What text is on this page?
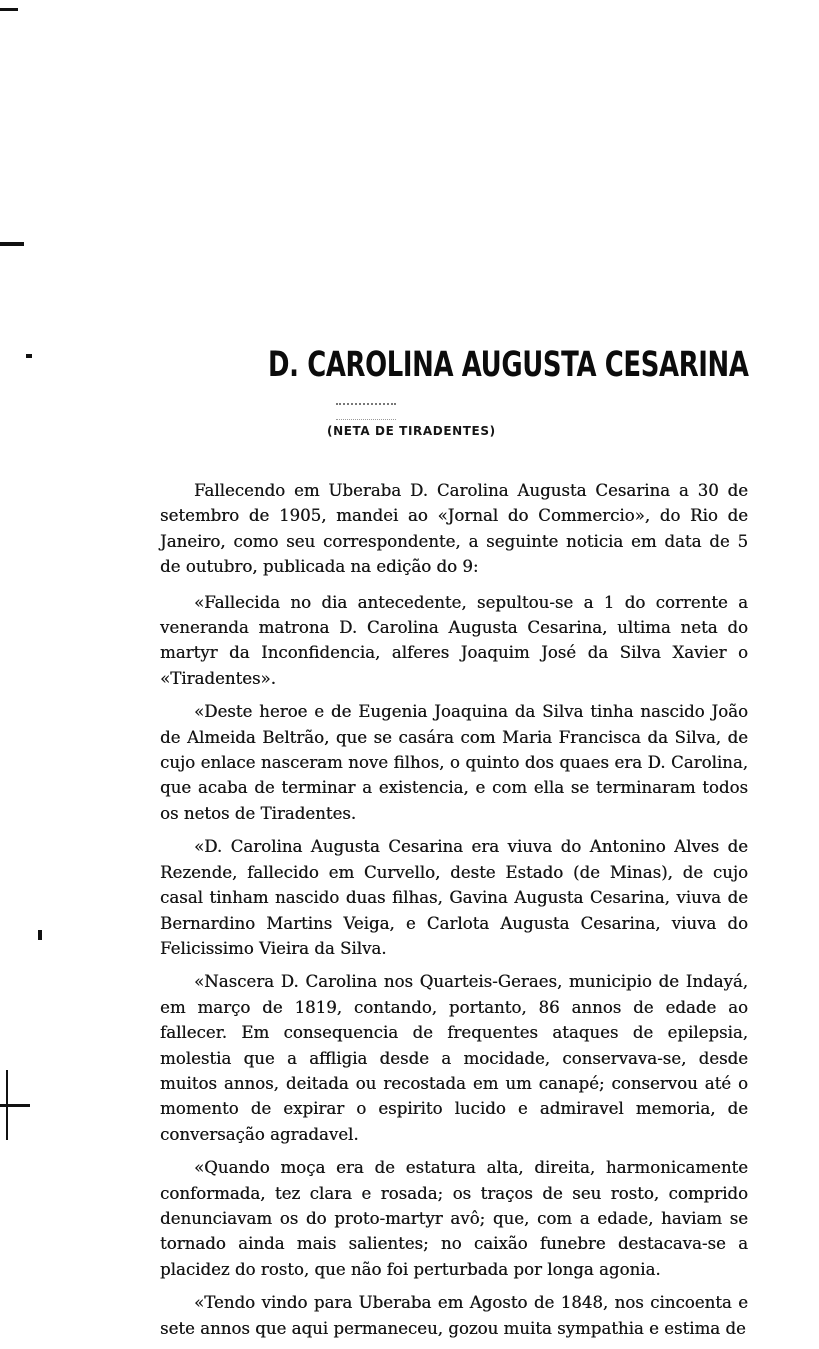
D. CAROLINA AUGUSTA CESARINA
(NETA DE TIRADENTES)

Fallecendo em Uberaba D. Carolina Augusta Cesarina a 30 de setembro de 1905, mandei ao «Jornal do Commercio», do Rio de Janeiro, como seu correspondente, a seguinte noticia em data de 5 de outubro, publicada na edição do 9:

«Fallecida no dia antecedente, sepultou-se a 1 do corrente a veneranda matrona D. Carolina Augusta Cesarina, ultima neta do martyr da Inconfidencia, alferes Joaquim José da Silva Xavier o «Tiradentes».

«Deste heroe e de Eugenia Joaquina da Silva tinha nascido João de Almeida Beltrão, que se casára com Maria Francisca da Silva, de cujo enlace nasceram nove filhos, o quinto dos quaes era D. Carolina, que acaba de terminar a existencia, e com ella se terminaram todos os netos de Tiradentes.

«D. Carolina Augusta Cesarina era viuva do Antonino Alves de Rezende, fallecido em Curvello, deste Estado (de Minas), de cujo casal tinham nascido duas filhas, Gavina Augusta Cesarina, viuva de Bernardino Martins Veiga, e Carlota Augusta Cesarina, viuva do Felicissimo Vieira da Silva.

«Nascera D. Carolina nos Quarteis-Geraes, municipio de Indayá, em março de 1819, contando, portanto, 86 annos de edade ao fallecer. Em consequencia de frequentes ataques de epilepsia, molestia que a affligia desde a mocidade, conservava-se, desde muitos annos, deitada ou recostada em um canapé; conservou até o momento de expirar o espirito lucido e admiravel memoria, de conversação agradavel.

«Quando moça era de estatura alta, direita, harmonicamente conformada, tez clara e rosada; os traços de seu rosto, comprido denunciavam os do proto-martyr avô; que, com a edade, haviam se tornado ainda mais salientes; no caixão funebre destacava-se a placidez do rosto, que não foi perturbada por longa agonia.

«Tendo vindo para Uberaba em Agosto de 1848, nos cincoenta e sete annos que aqui permaneceu, gozou muita sympathia e estima de
